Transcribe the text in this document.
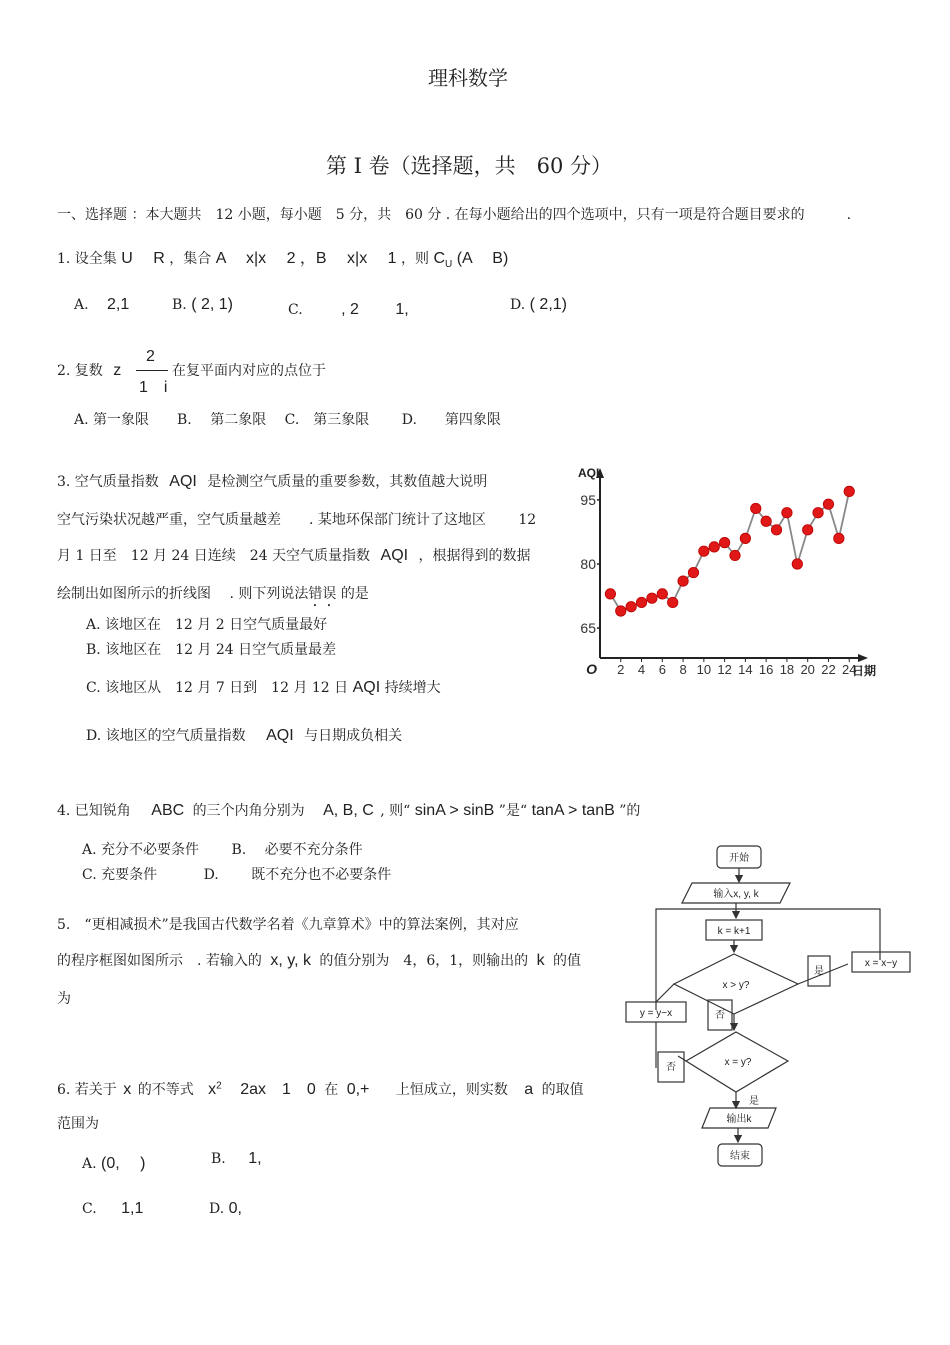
理科数学
第 I 卷（选择题，共　60 分）
一、选择题 ：本大题共　12 小题，每小题　5 分，共　60 分 . 在每小题给出的四个选项中，只有一项是符合题目要求的　　　.
1. 设全集 U　 R ，集合 A　 x|x　 2 ，B　 x|x　 1 ，则 $C_U$ (A　 B)
A. 2,1	B. ( 2, 1)	C. , 2　　 1,	D. ( 2,1)
2. 复数 z
2
1　i
在复平面内对应的点位于
A. 第一象限　　B.　 第二象限　 C.　第三象限　　 D.　　第四象限
3. 空气质量指数 AQI 是检测空气质量的重要参数，其数值越大说明
空气污染状况越严重，空气质量越差　　. 某地环保部门统计了这地区　　 12
月 1 日至　12 月 24 日连续　24 天空气质量指数 AQI ，根据得到的数据
绘制出如图所示的折线图　 . 则下列说法错误 的是
A. 该地区在　12 月 2 日空气质量最好
B. 该地区在　12 月 24 日空气质量最差
C. 该地区从　12 月 7 日到　12 月 12 日 AQI 持续增大
D. 该地区的空气质量指数 AQI 与日期成负相关
65
80
95
2 4 6 8 10 12 14 16 18 20 22 24
O
AQI
日期
4. 已知锐角 ABC 的三个内角分别为 A, B, C , 则“ sinA > sinB ”是“ tanA > tanB ”的
A. 充分不必要条件　　 B.　 必要不充分条件
C. 充要条件　　　 D.　　 既不充分也不必要条件
5.　“更相减损术”是我国古代数学名着《九章算术》中的算法案例，其对应
的程序框图如图所示　. 若输入的 x, y, k 的值分别为　4，6，1，则输出的 k 的值
为
6. 若关于 x 的不等式 $x^2$ 2ax　1　0 在 0,+ 上恒成立，则实数 a 的取值
范围为
A. (0,　 )	B. 1,
C. 1,1	D. 0,
开始
输入x, y, k
k = k+1
x > y?
是
x = x−y
否
y = y−x
x = y?
否
是
输出k
结束
